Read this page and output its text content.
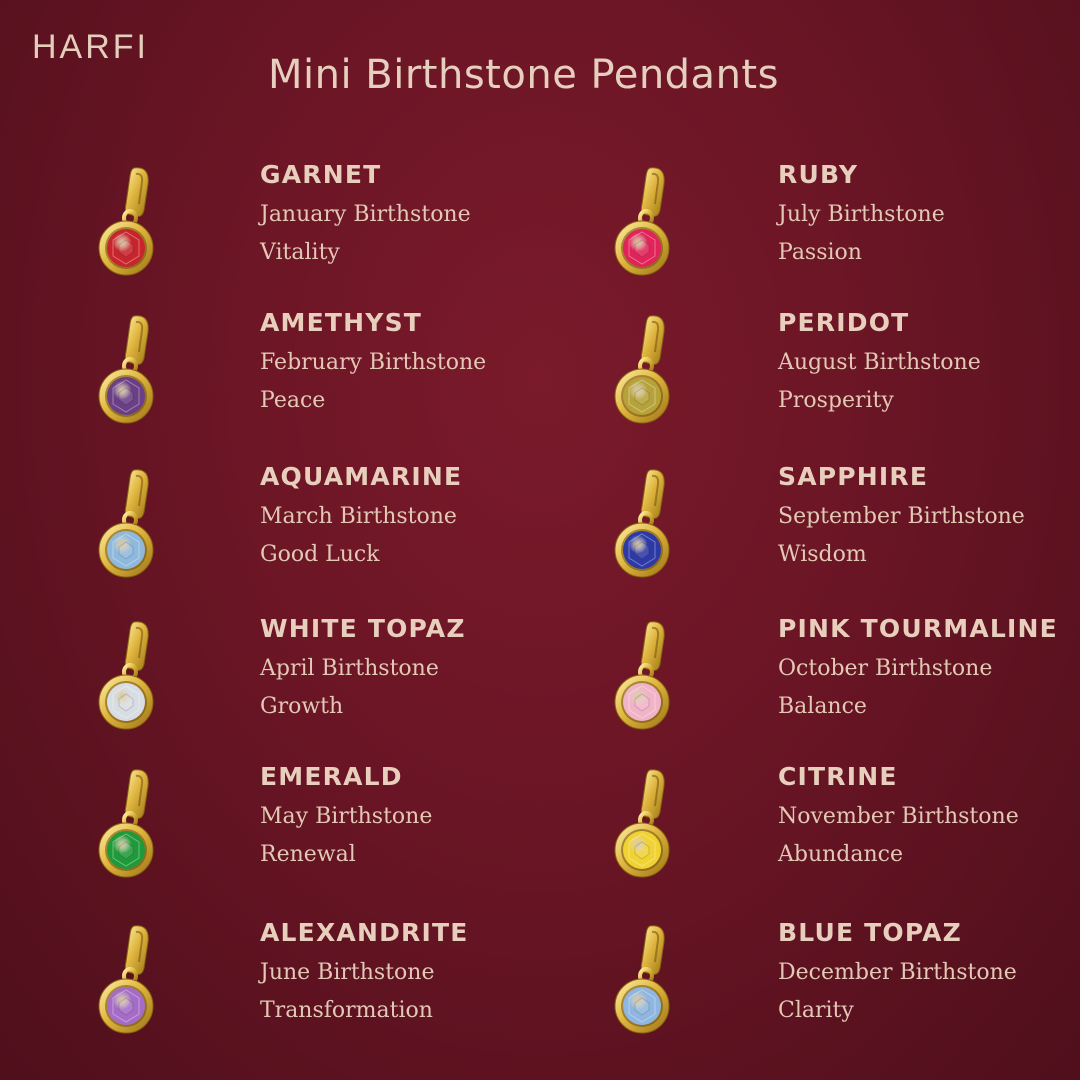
HARFI
Mini Birthstone Pendants
GARNET
January Birthstone
Vitality
AMETHYST
February Birthstone
Peace
AQUAMARINE
March Birthstone
Good Luck
WHITE TOPAZ
April Birthstone
Growth
EMERALD
May Birthstone
Renewal
ALEXANDRITE
June Birthstone
Transformation
RUBY
July Birthstone
Passion
PERIDOT
August Birthstone
Prosperity
SAPPHIRE
September Birthstone
Wisdom
PINK TOURMALINE
October Birthstone
Balance
CITRINE
November Birthstone
Abundance
BLUE TOPAZ
December Birthstone
Clarity
